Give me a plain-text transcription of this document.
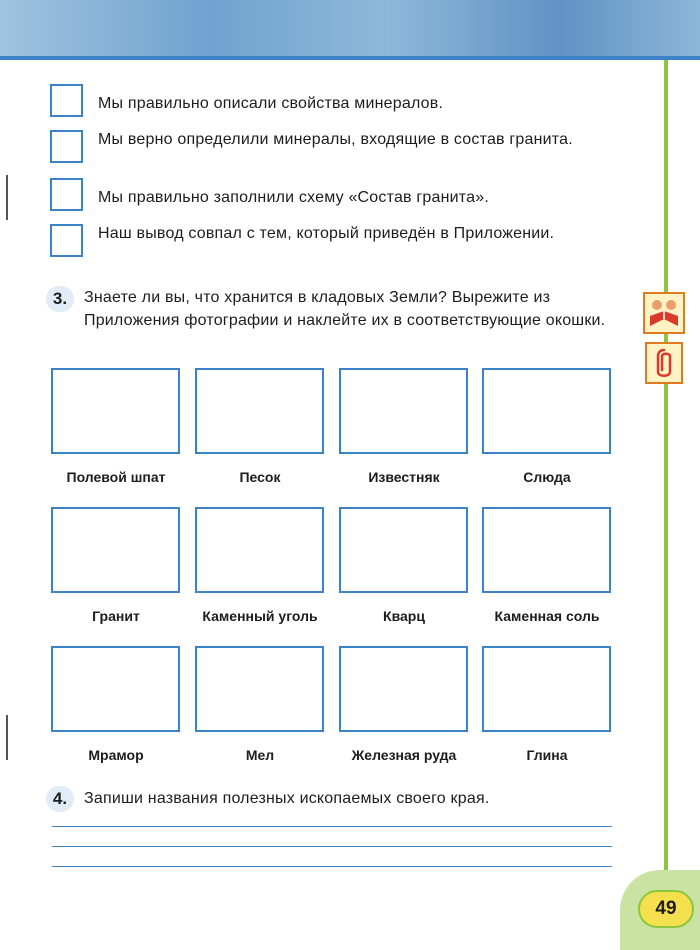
Мы правильно описали свойства минералов.
Мы верно определили минералы, входящие в состав гранита.
Мы правильно заполнили схему «Состав гранита».
Наш вывод совпал с тем, который приведён в Приложении.
3.	Знаете ли вы, что хранится в кладовых Земли? Вырежите из Приложения фотографии и наклейте их в соответствующие окошки.
Полевой шпат	Песок	Известняк	Слюда
Гранит	Каменный уголь	Кварц	Каменная соль
Мрамор	Мел	Железная руда	Глина
4.	Запиши названия полезных ископаемых своего края.
49
